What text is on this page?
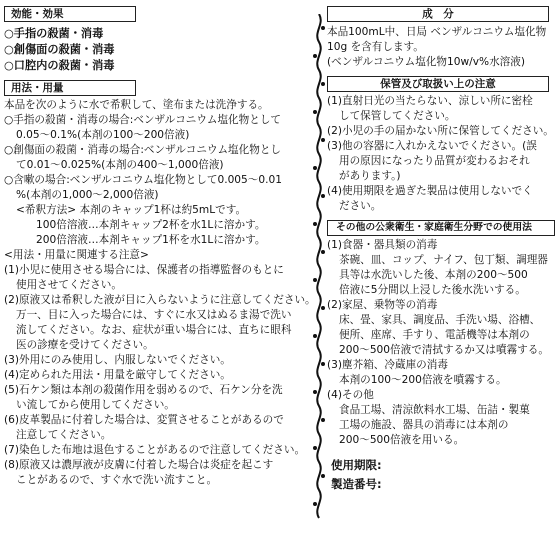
効能・効果
○手指の殺菌・消毒
○創傷面の殺菌・消毒
○口腔内の殺菌・消毒
用法・用量
本品を次のように水で希釈して、塗布または洗浄する。
○手指の殺菌・消毒の場合:ベンザルコニウム塩化物として
0.05～0.1%(本剤の100～200倍液)
○創傷面の殺菌・消毒の場合:ベンザルコニウム塩化物とし
て0.01～0.025%(本剤の400～1,000倍液)
○含嗽の場合:ベンザルコニウム塩化物として0.005～0.01
%(本剤の1,000～2,000倍液)
<希釈方法> 本剤のキャップ1杯は約5mLです。
100倍溶液…本剤キャップ2杯を水1Lに溶かす。
200倍溶液…本剤キャップ1杯を水1Lに溶かす。
<用法・用量に関連する注意>
(1)小児に使用させる場合には、保護者の指導監督のもとに
使用させてください。
(2)原液又は希釈した液が目に入らないように注意してください。
万一、目に入った場合には、すぐに水又はぬるま湯で洗い
流してください。なお、症状が重い場合には、直ちに眼科
医の診療を受けてください。
(3)外用にのみ使用し、内服しないでください。
(4)定められた用法・用量を厳守してください。
(5)石ケン類は本剤の殺菌作用を弱めるので、石ケン分を洗
い流してから使用してください。
(6)皮革製品に付着した場合は、変質させることがあるので
注意してください。
(7)染色した布地は退色することがあるので注意してください。
(8)原液又は濃厚液が皮膚に付着した場合は炎症を起こす
ことがあるので、すぐ水で洗い流すこと。
成　分
本品100mL中、日局 ベンザルコニウム塩化物
10g を含有します。
(ベンザルコニウム塩化物10w/v%水溶液)
保管及び取扱い上の注意
(1)直射日光の当たらない、涼しい所に密栓
して保管してください。
(2)小児の手の届かない所に保管してください。
(3)他の容器に入れかえないでください。(誤
用の原因になったり品質が変わるおそれ
があります。)
(4)使用期限を過ぎた製品は使用しないでく
ださい。
その他の公衆衛生・家庭衛生分野での使用法
(1)食器・器具類の消毒
茶碗、皿、コップ、ナイフ、包丁類、調理器
具等は水洗いした後、本剤の200～500
倍液に5分間以上浸した後水洗いする。
(2)家屋、乗物等の消毒
床、畳、家具、調度品、手洗い場、浴槽、
便所、座席、手すり、電話機等は本剤の
200～500倍液で清拭するか又は噴霧する。
(3)塵芥箱、冷蔵庫の消毒
本剤の100～200倍液を噴霧する。
(4)その他
食品工場、清涼飲料水工場、缶詰・製菓
工場の施設、器具の消毒には本剤の
200～500倍液を用いる。
使用期限:
製造番号:
